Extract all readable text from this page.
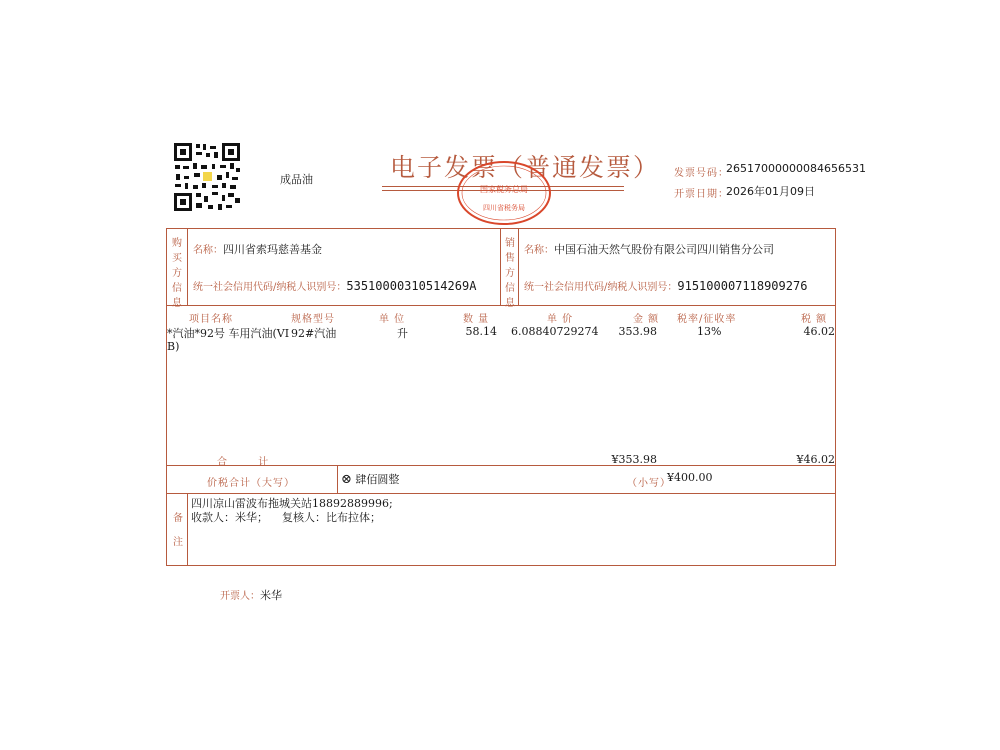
成品油	电子发票（普通发票）
国家税务总局
四川省税务局
发票号码：
26517000000084656531
开票日期：
2026年01月09日
购买方信息
名称：四川省索玛慈善基金
统一社会信用代码/纳税人识别号：53510000310514269A
销售方信息
名称：中国石油天然气股份有限公司四川销售分公司
统一社会信用代码/纳税人识别号：915100007118909276
项目名称	规格型号	单 位	数 量	单 价	金 额 税率/征收率	税 额
*汽油*92号 车用汽油(VI
B)
92#汽油	升	58.14 6.08840729274	353.98	13%	46.02
合 计	¥353.98	¥46.02
价税合计（大写）	⊗ 肆佰圆整	（小写）
¥400.00
备
注
四川凉山雷波布拖城关站18892889996;
收款人：米华；    复核人：比布拉体；
开票人：米华
